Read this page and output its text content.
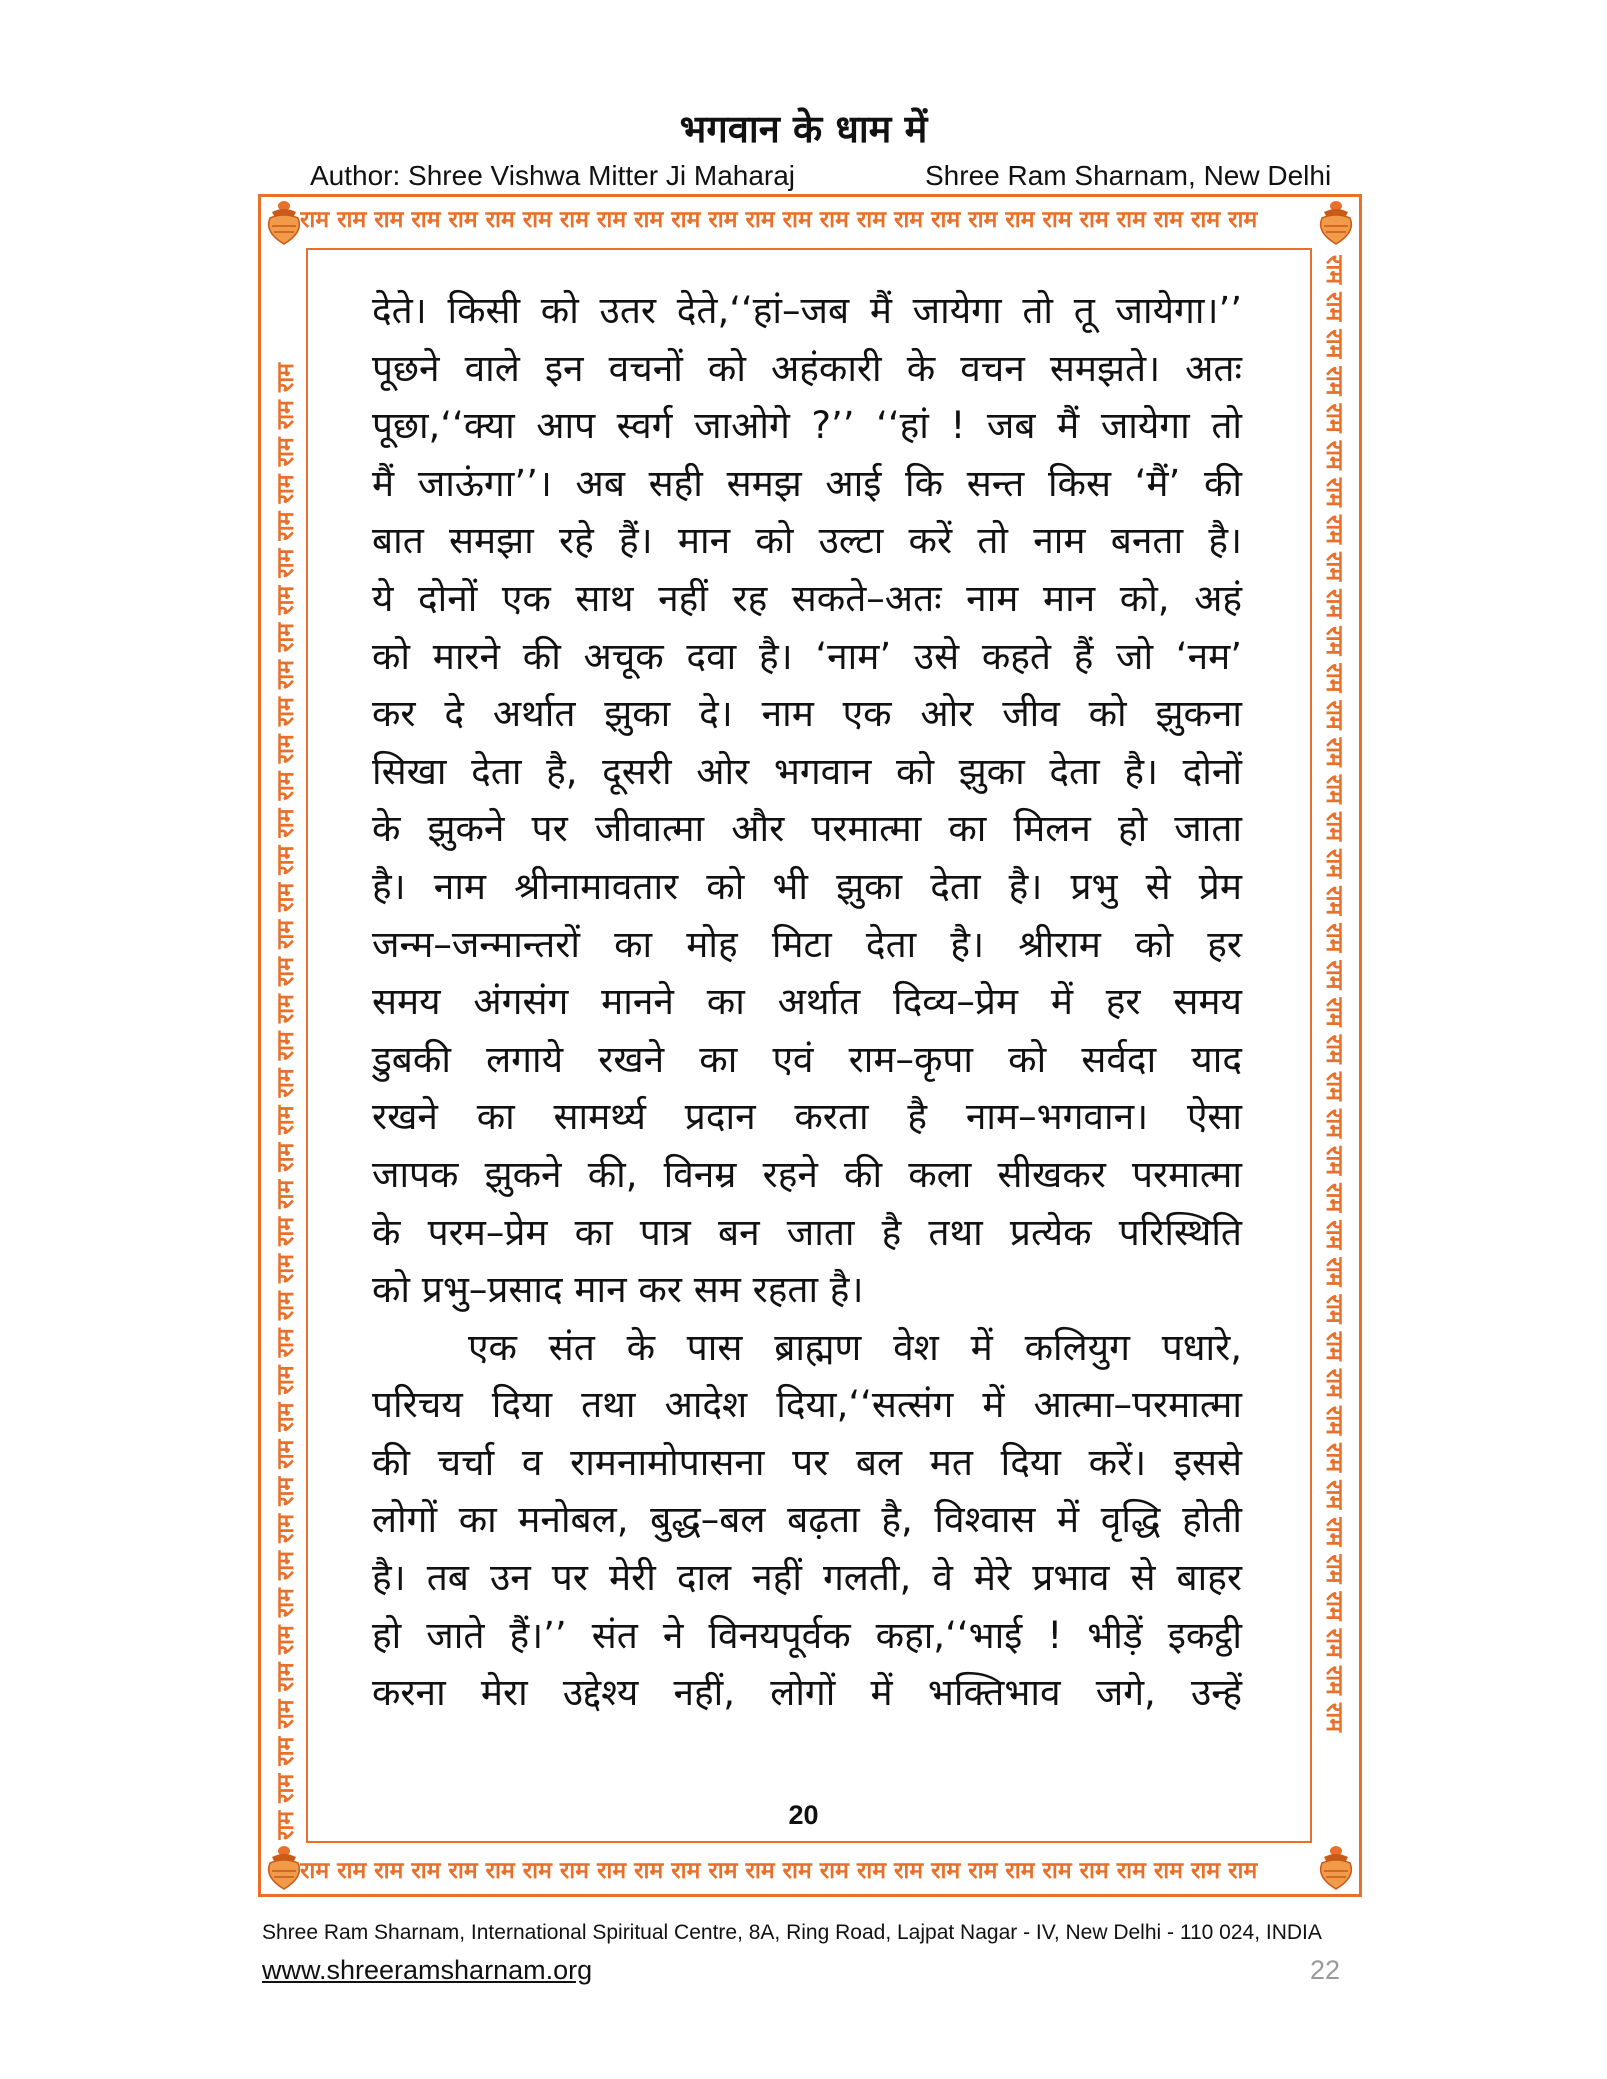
भगवान के धाम में
Author: Shree Vishwa Mitter Ji Maharaj	Shree Ram Sharnam, New Delhi
राम राम राम राम राम राम राम राम राम राम राम राम राम राम राम राम राम राम राम राम राम राम राम राम राम राम
राम राम राम राम राम राम राम राम राम राम राम राम राम राम राम राम राम राम राम राम राम राम राम राम राम राम
राम राम राम राम राम राम राम राम राम राम राम राम राम राम राम राम राम राम राम राम राम राम राम राम राम राम राम राम राम राम राम राम राम राम राम राम राम राम राम राम	राम राम राम राम राम राम राम राम राम राम राम राम राम राम राम राम राम राम राम राम राम राम राम राम राम राम राम राम राम राम राम राम राम राम राम राम राम राम राम राम
देते। किसी को उतर देते,‘‘हां–जब मैं जायेगा तो तू जायेगा।’’
पूछने वाले इन वचनों को अहंकारी के वचन समझते। अतः
पूछा,‘‘क्या आप स्वर्ग जाओगे ?’’ ‘‘हां ! जब मैं जायेगा तो
मैं जाऊंगा’’। अब सही समझ आई कि सन्त किस ‘मैं’ की
बात समझा रहे हैं। मान को उल्टा करें तो नाम बनता है।
ये दोनों एक साथ नहीं रह सकते–अतः नाम मान को, अहं
को मारने की अचूक दवा है। ‘नाम’ उसे कहते हैं जो ‘नम’
कर दे अर्थात झुका दे। नाम एक ओर जीव को झुकना
सिखा देता है, दूसरी ओर भगवान को झुका देता है। दोनों
के झुकने पर जीवात्मा और परमात्मा का मिलन हो जाता
है। नाम श्रीनामावतार को भी झुका देता है। प्रभु से प्रेम
जन्म–जन्मान्तरों का मोह मिटा देता है। श्रीराम को हर
समय अंगसंग मानने का अर्थात दिव्य–प्रेम में हर समय
डुबकी लगाये रखने का एवं राम–कृपा को सर्वदा याद
रखने का सामर्थ्य प्रदान करता है नाम–भगवान। ऐसा
जापक झुकने की, विनम्र रहने की कला सीखकर परमात्मा
के परम–प्रेम का पात्र बन जाता है तथा प्रत्येक परिस्थिति
को प्रभु–प्रसाद मान कर सम रहता है।
एक संत के पास ब्राह्मण वेश में कलियुग पधारे,
परिचय दिया तथा आदेश दिया,‘‘सत्संग में आत्मा–परमात्मा
की चर्चा व रामनामोपासना पर बल मत दिया करें। इससे
लोगों का मनोबल, बुद्ध–बल बढ़ता है, विश्वास में वृद्धि होती
है। तब उन पर मेरी दाल नहीं गलती, वे मेरे प्रभाव से बाहर
हो जाते हैं।’’ संत ने विनयपूर्वक कहा,‘‘भाई ! भीड़ें इकट्ठी
करना मेरा उद्देश्य नहीं, लोगों में भक्तिभाव जगे, उन्हें
20
Shree Ram Sharnam, International Spiritual Centre, 8A, Ring Road, Lajpat Nagar - IV, New Delhi - 110 024, INDIA
www.shreeramsharnam.org	22
